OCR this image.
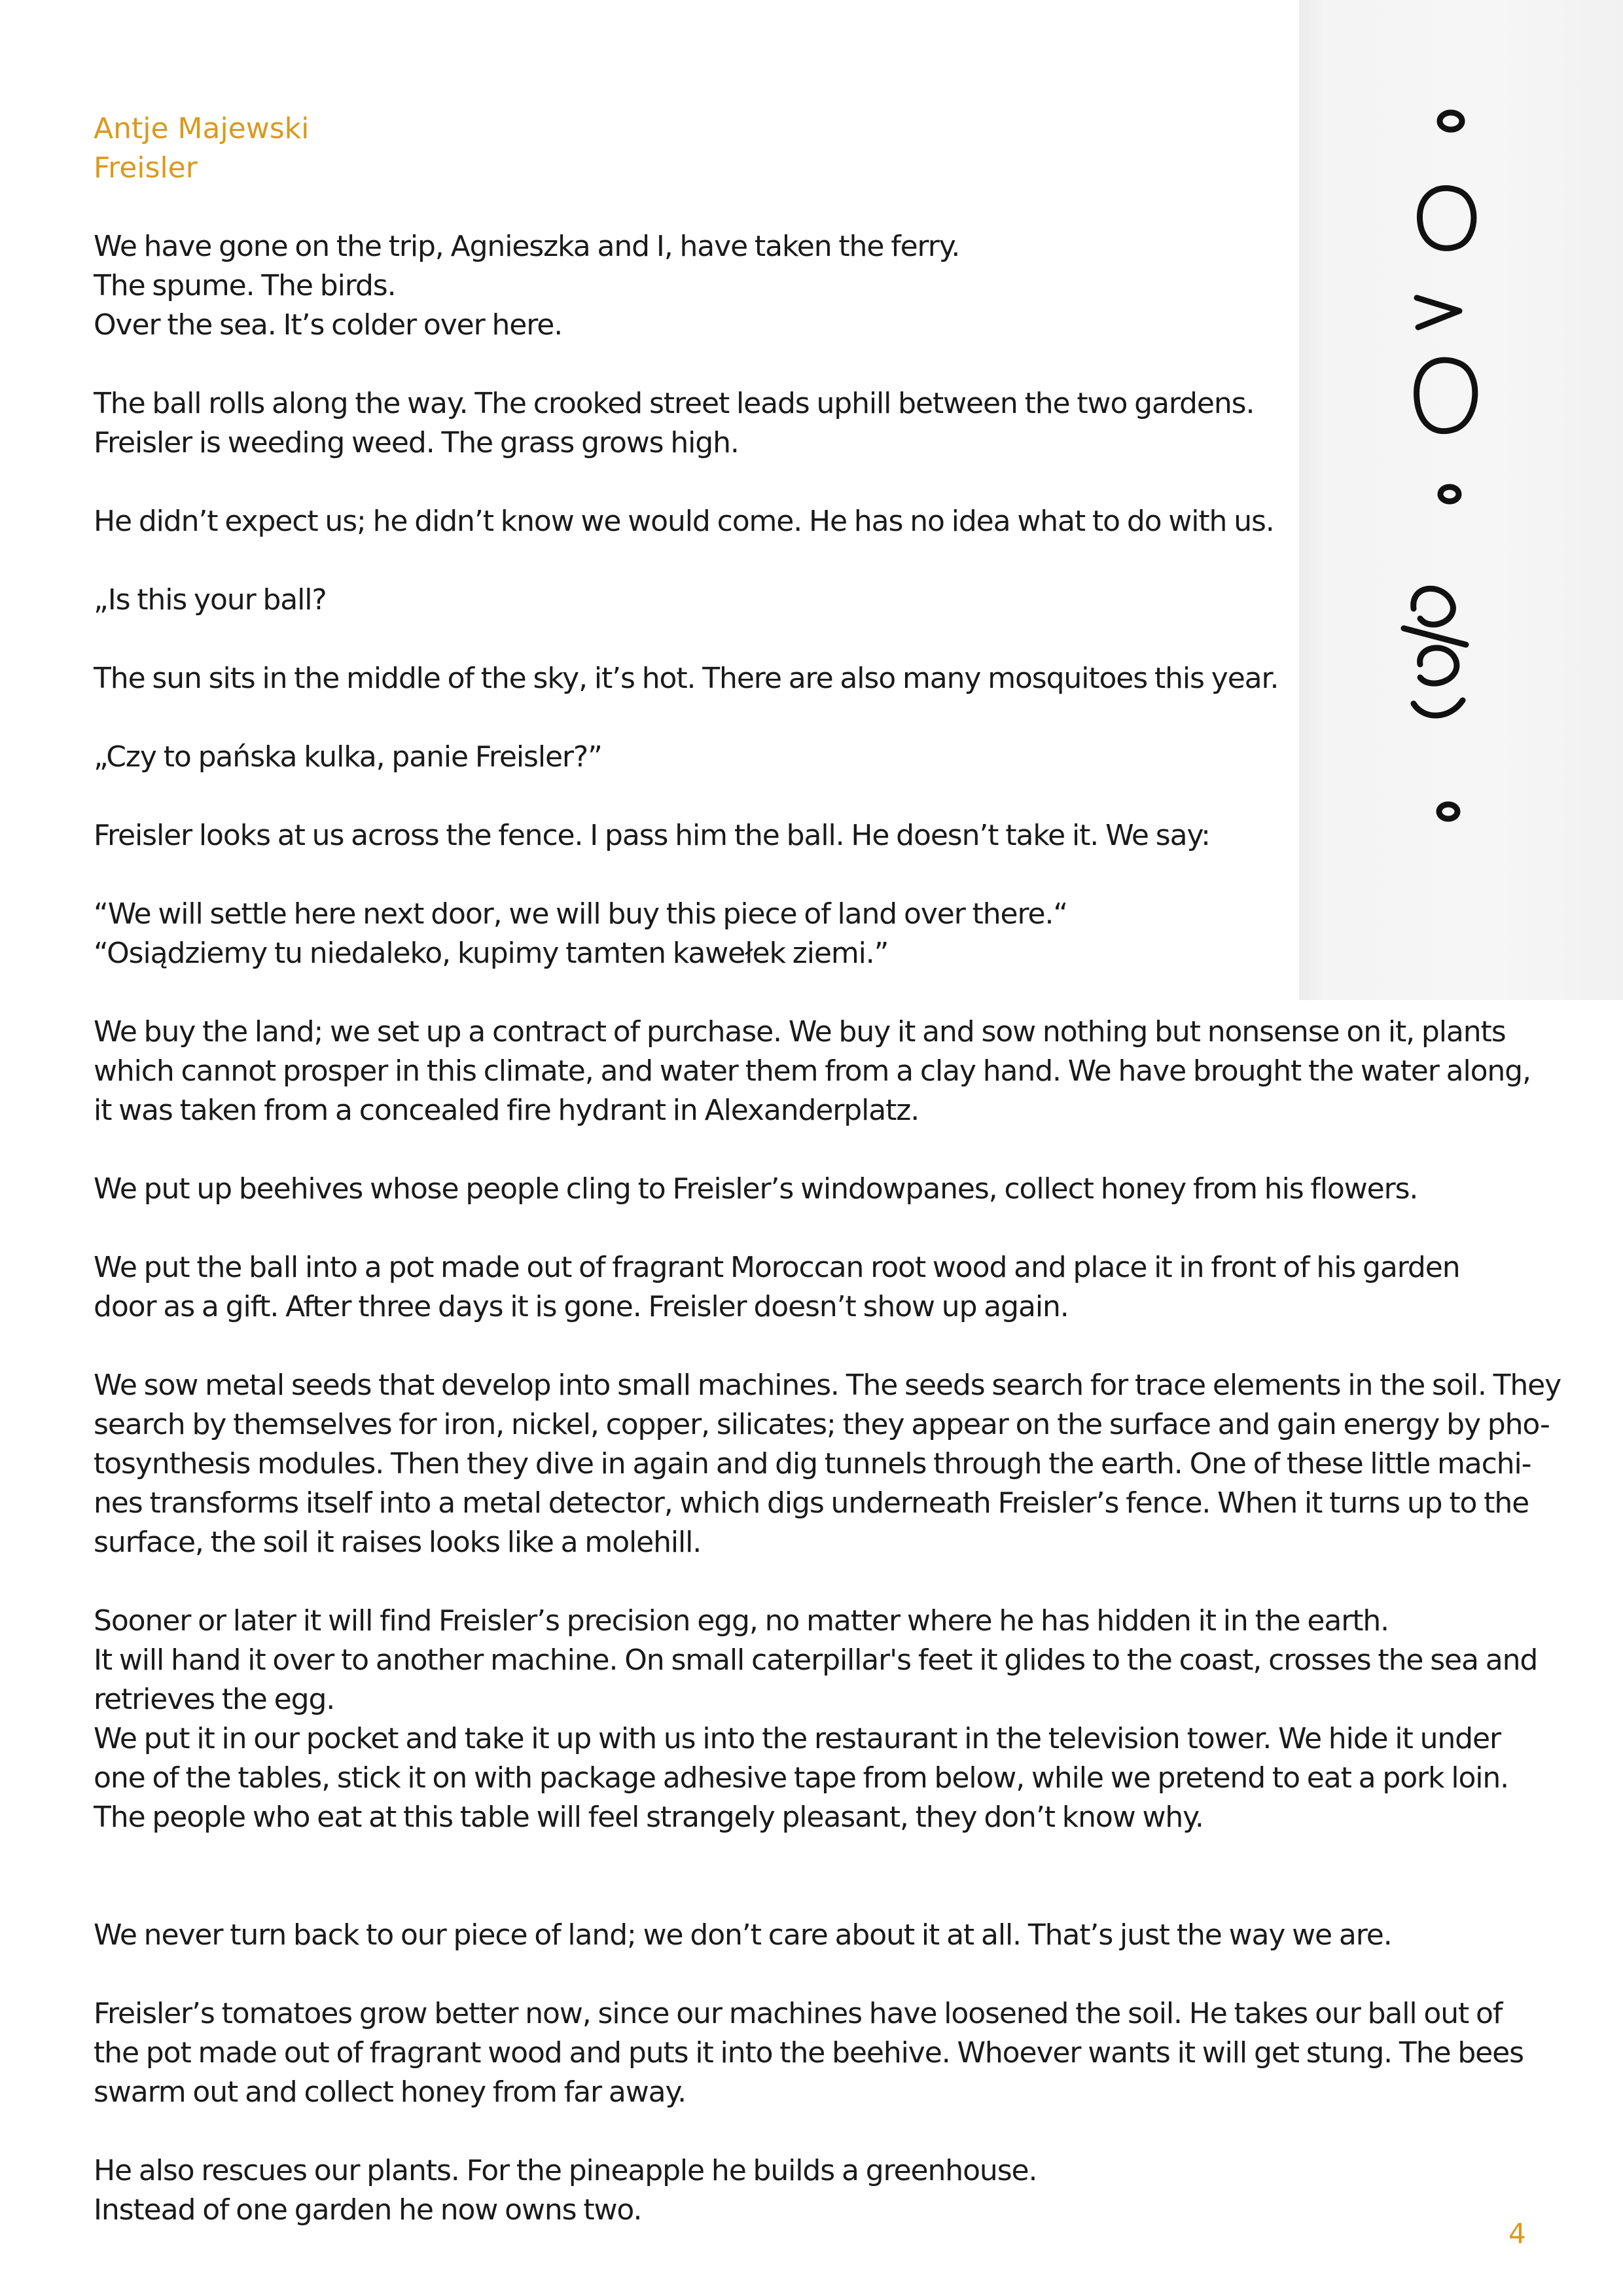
Antje Majewski

Freisler

We have gone on the trip, Agnieszka and I, have taken the ferry.
The spume. The birds.
Over the sea. It’s colder over here.
The ball rolls along the way. The crooked street leads uphill between the two gardens.
Freisler is weeding weed. The grass grows high.
He didn’t expect us; he didn’t know we would come. He has no idea what to do with us.
„Is this your ball?
The sun sits in the middle of the sky, it’s hot. There are also many mosquitoes this year.
„Czy to pańska kulka, panie Freisler?”
Freisler looks at us across the fence. I pass him the ball. He doesn’t take it. We say:
“We will settle here next door, we will buy this piece of land over there.“
“Osiądziemy tu niedaleko, kupimy tamten kawełek ziemi.”
We buy the land; we set up a contract of purchase. We buy it and sow nothing but nonsense on it, plants
which cannot prosper in this climate, and water them from a clay hand. We have brought the water along,
it was taken from a concealed fire hydrant in Alexanderplatz.
We put up beehives whose people cling to Freisler’s windowpanes, collect honey from his flowers.
We put the ball into a pot made out of fragrant Moroccan root wood and place it in front of his garden
door as a gift. After three days it is gone. Freisler doesn’t show up again.
We sow metal seeds that develop into small machines. The seeds search for trace elements in the soil. They
search by themselves for iron, nickel, copper, silicates; they appear on the surface and gain energy by pho-
tosynthesis modules. Then they dive in again and dig tunnels through the earth. One of these little machi-
nes transforms itself into a metal detector, which digs underneath Freisler’s fence. When it turns up to the
surface, the soil it raises looks like a molehill.
Sooner or later it will find Freisler’s precision egg, no matter where he has hidden it in the earth.
It will hand it over to another machine. On small caterpillar's feet it glides to the coast, crosses the sea and
retrieves the egg.
We put it in our pocket and take it up with us into the restaurant in the television tower. We hide it under
one of the tables, stick it on with package adhesive tape from below, while we pretend to eat a pork loin.
The people who eat at this table will feel strangely pleasant, they don’t know why.
We never turn back to our piece of land; we don’t care about it at all. That’s just the way we are.
Freisler’s tomatoes grow better now, since our machines have loosened the soil. He takes our ball out of
the pot made out of fragrant wood and puts it into the beehive. Whoever wants it will get stung. The bees
swarm out and collect honey from far away.
He also rescues our plants. For the pineapple he builds a greenhouse.
Instead of one garden he now owns two.

4
